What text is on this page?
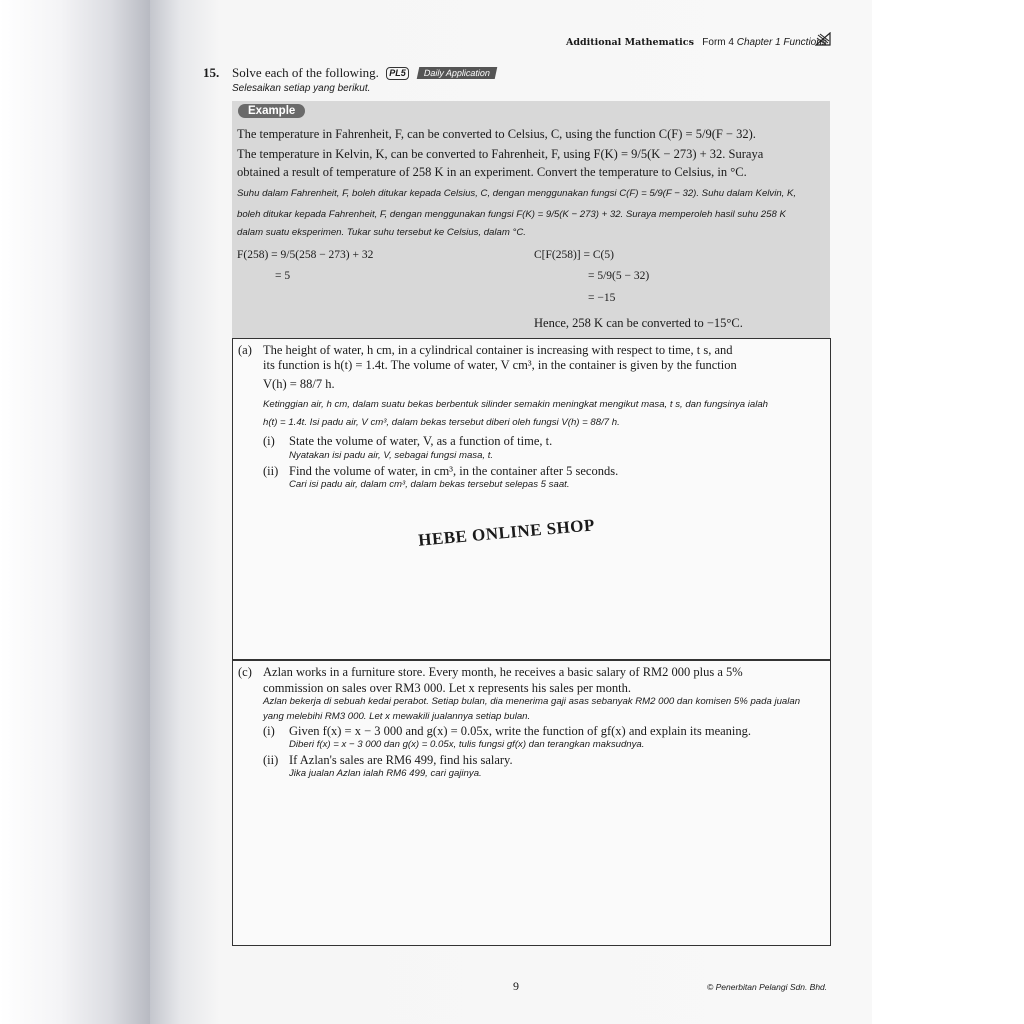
Additional Mathematics Form 4 Chapter 1 Functions
15. Solve each of the following. PL5 Daily Application
Selesaikan setiap yang berikut.
Example
The temperature in Fahrenheit, F, can be converted to Celsius, C, using the function C(F) = 5/9(F − 32).
The temperature in Kelvin, K, can be converted to Fahrenheit, F, using F(K) = 9/5(K − 273) + 32. Suraya
obtained a result of temperature of 258 K in an experiment. Convert the temperature to Celsius, in °C.
Suhu dalam Fahrenheit, F, boleh ditukar kepada Celsius, C, dengan menggunakan fungsi C(F) = 5/9(F − 32). Suhu dalam Kelvin, K,
boleh ditukar kepada Fahrenheit, F, dengan menggunakan fungsi F(K) = 9/5(K − 273) + 32. Suraya memperoleh hasil suhu 258 K
dalam suatu eksperimen. Tukar suhu tersebut ke Celsius, dalam °C.
F(258) = 9/5(258 − 273) + 32
= 5
C[F(258)] = C(5)
= 5/9(5 − 32)
= −15
Hence, 258 K can be converted to −15°C.
(a) The height of water, h cm, in a cylindrical container is increasing with respect to time, t s, and
its function is h(t) = 1.4t. The volume of water, V cm³, in the container is given by the function
V(h) = 88/7 h.
Ketinggian air, h cm, dalam suatu bekas berbentuk silinder semakin meningkat mengikut masa, t s, dan fungsinya ialah
h(t) = 1.4t. Isi padu air, V cm³, dalam bekas tersebut diberi oleh fungsi V(h) = 88/7 h.
(i) State the volume of water, V, as a function of time, t.
Nyatakan isi padu air, V, sebagai fungsi masa, t.
(ii) Find the volume of water, in cm³, in the container after 5 seconds.
Cari isi padu air, dalam cm³, dalam bekas tersebut selepas 5 saat.
HEBE ONLINE SHOP
(c) Azlan works in a furniture store. Every month, he receives a basic salary of RM2 000 plus a 5%
commission on sales over RM3 000. Let x represents his sales per month.
Azlan bekerja di sebuah kedai perabot. Setiap bulan, dia menerima gaji asas sebanyak RM2 000 dan komisen 5% pada jualan
yang melebihi RM3 000. Let x mewakili jualannya setiap bulan.
(i) Given f(x) = x − 3 000 and g(x) = 0.05x, write the function of gf(x) and explain its meaning.
Diberi f(x) = x − 3 000 dan g(x) = 0.05x, tulis fungsi gf(x) dan terangkan maksudnya.
(ii) If Azlan's sales are RM6 499, find his salary.
Jika jualan Azlan ialah RM6 499, cari gajinya.
9	© Penerbitan Pelangi Sdn. Bhd.
